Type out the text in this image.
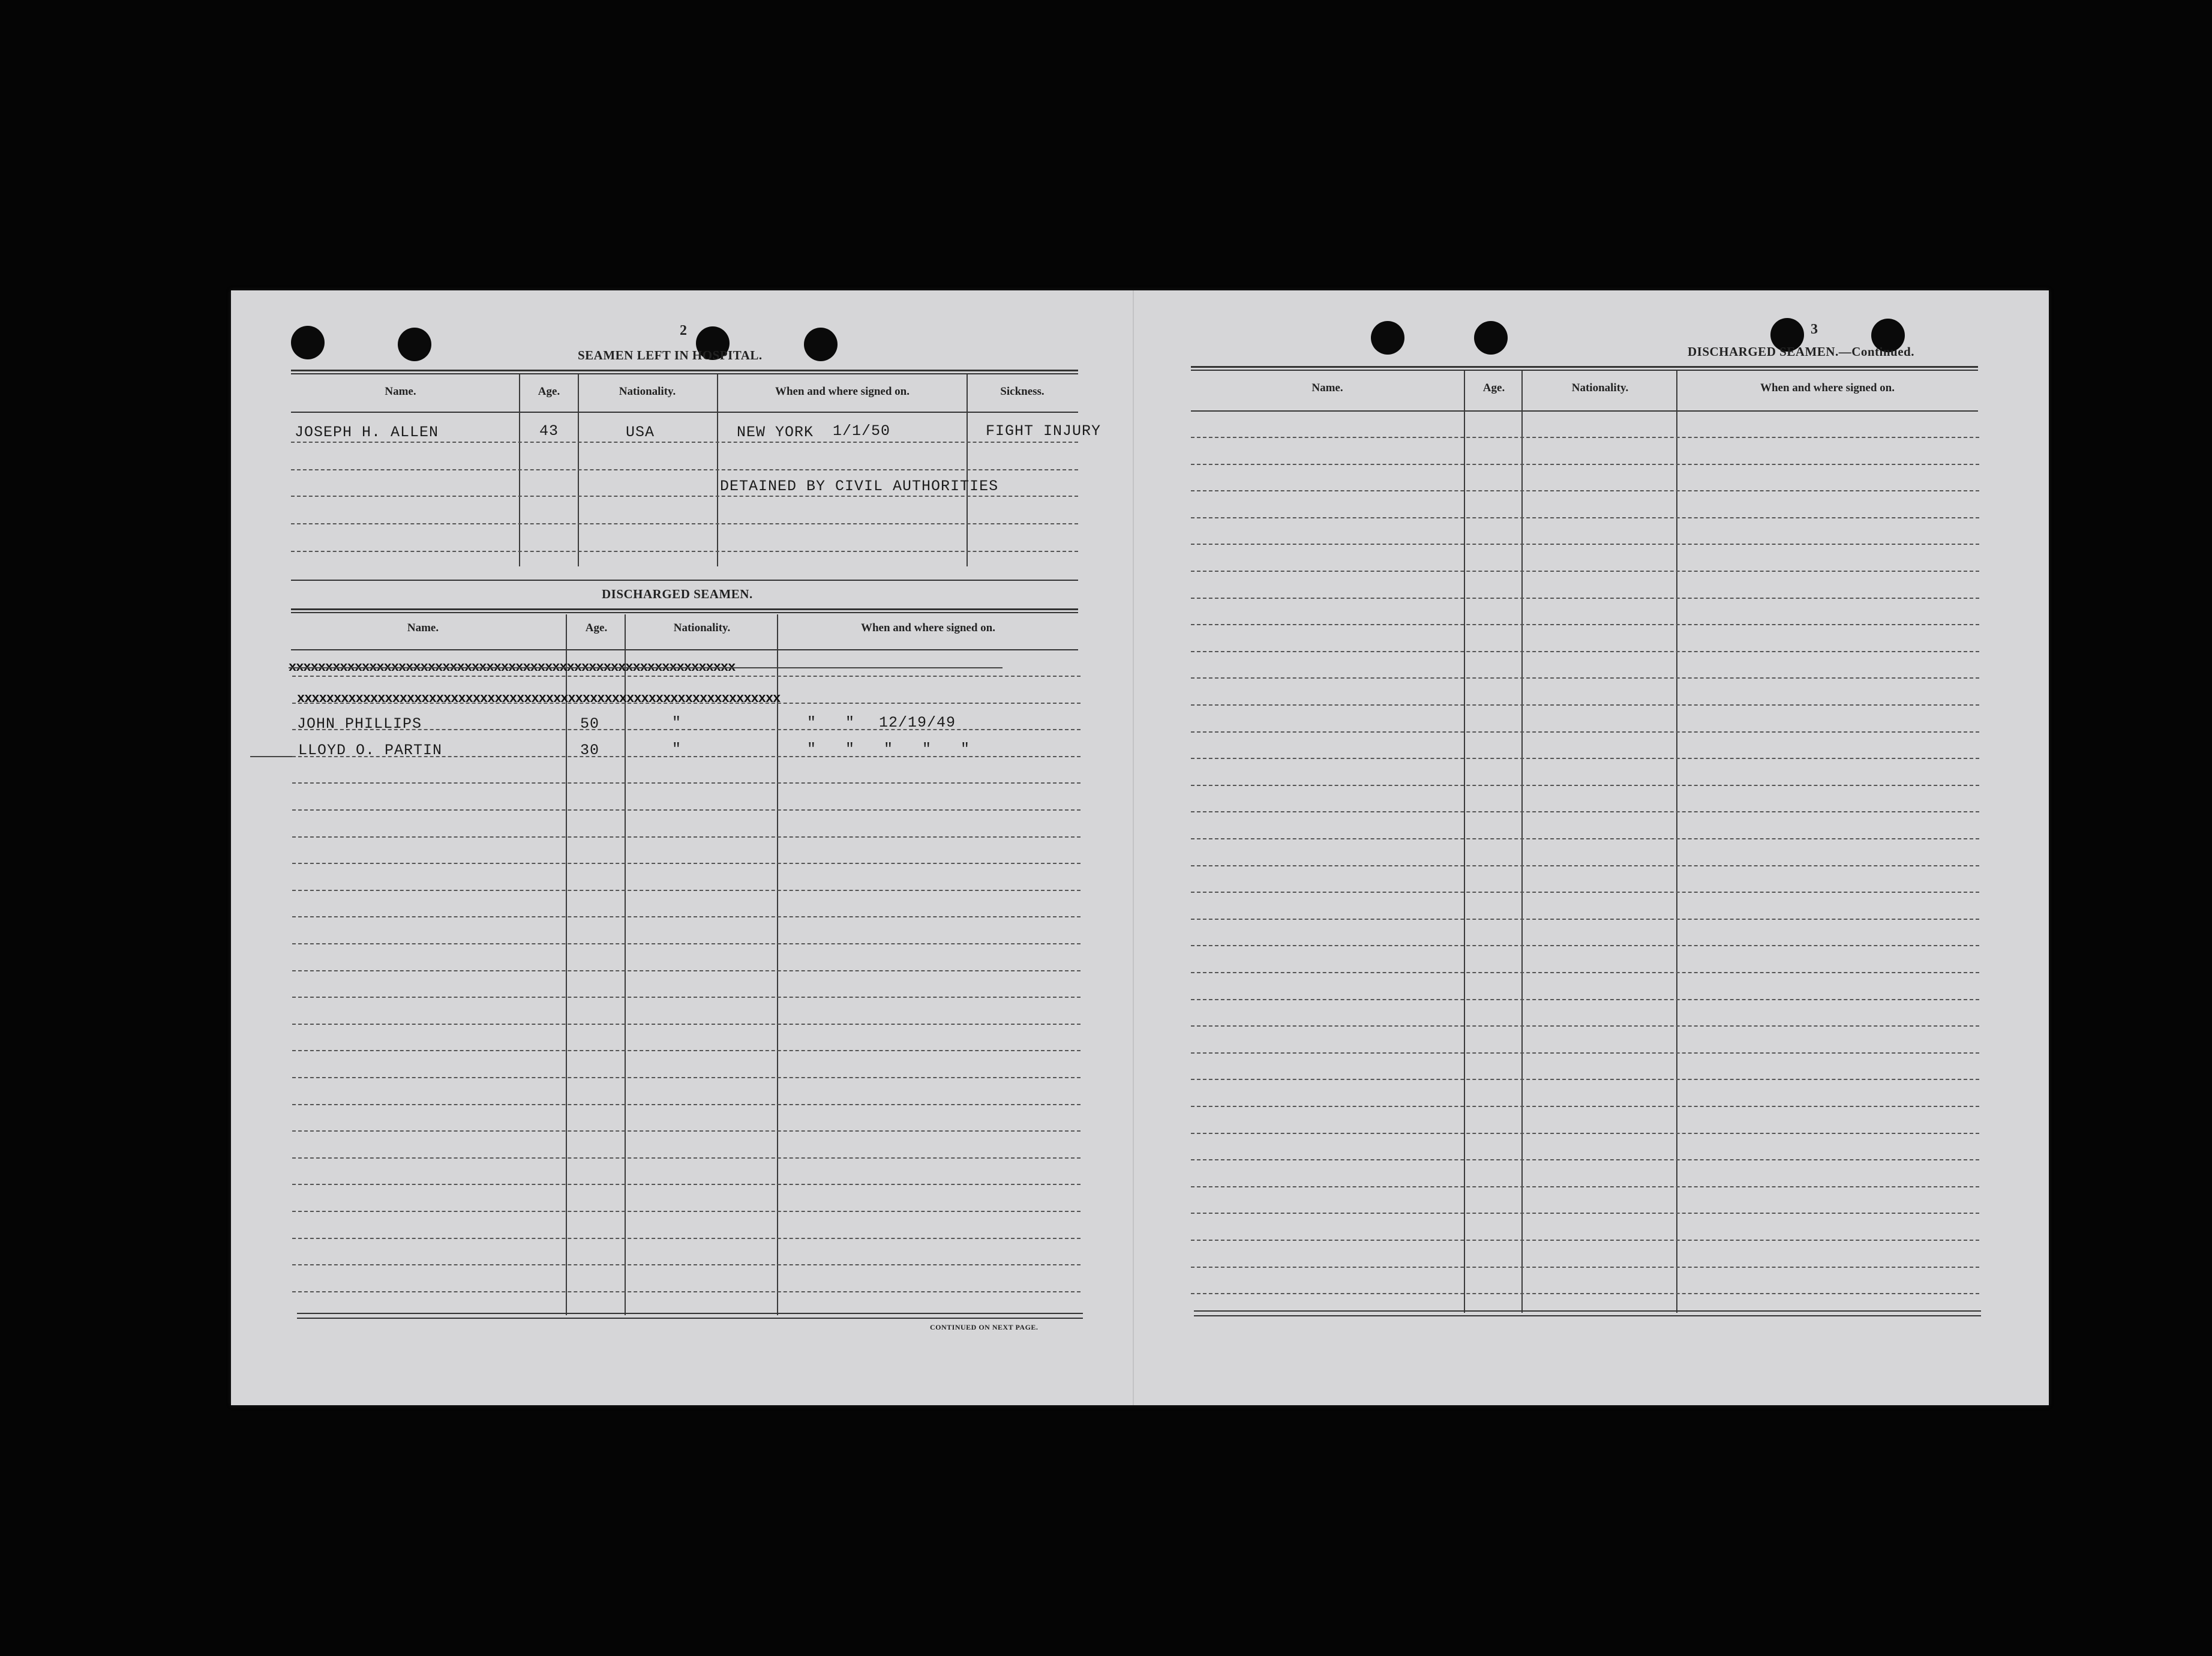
2
SEAMEN LEFT IN HOSPITAL.
Name.	Age.	Nationality.	When and where signed on.	Sickness.
JOSEPH H. ALLEN	43	USA	NEW YORK 1/1/50	FIGHT INJURY
DETAINED BY CIVIL AUTHORITIES
DISCHARGED SEAMEN.
Name.	Age.	Nationality.	When and where signed on.
xxxxxxxxxxxxxxxxxxxxxxxxxxxxxxxxxxxxxxxxxxxxxxxxxxxxxxxxxxxxx
xxxxxxxxxxxxxxxxxxxxxxxxxxxxxxxxxxxxxxxxxxxxxxxxxxxxxxxxxxxxxxxxxx
JOHN PHILLIPS	50	"	"   " 12/19/49
LLOYD O. PARTIN	30	"	"   "   "   "   "
CONTINUED ON NEXT PAGE.
3
DISCHARGED SEAMEN.—Continued.
Name.	Age.	Nationality.	When and where signed on.
